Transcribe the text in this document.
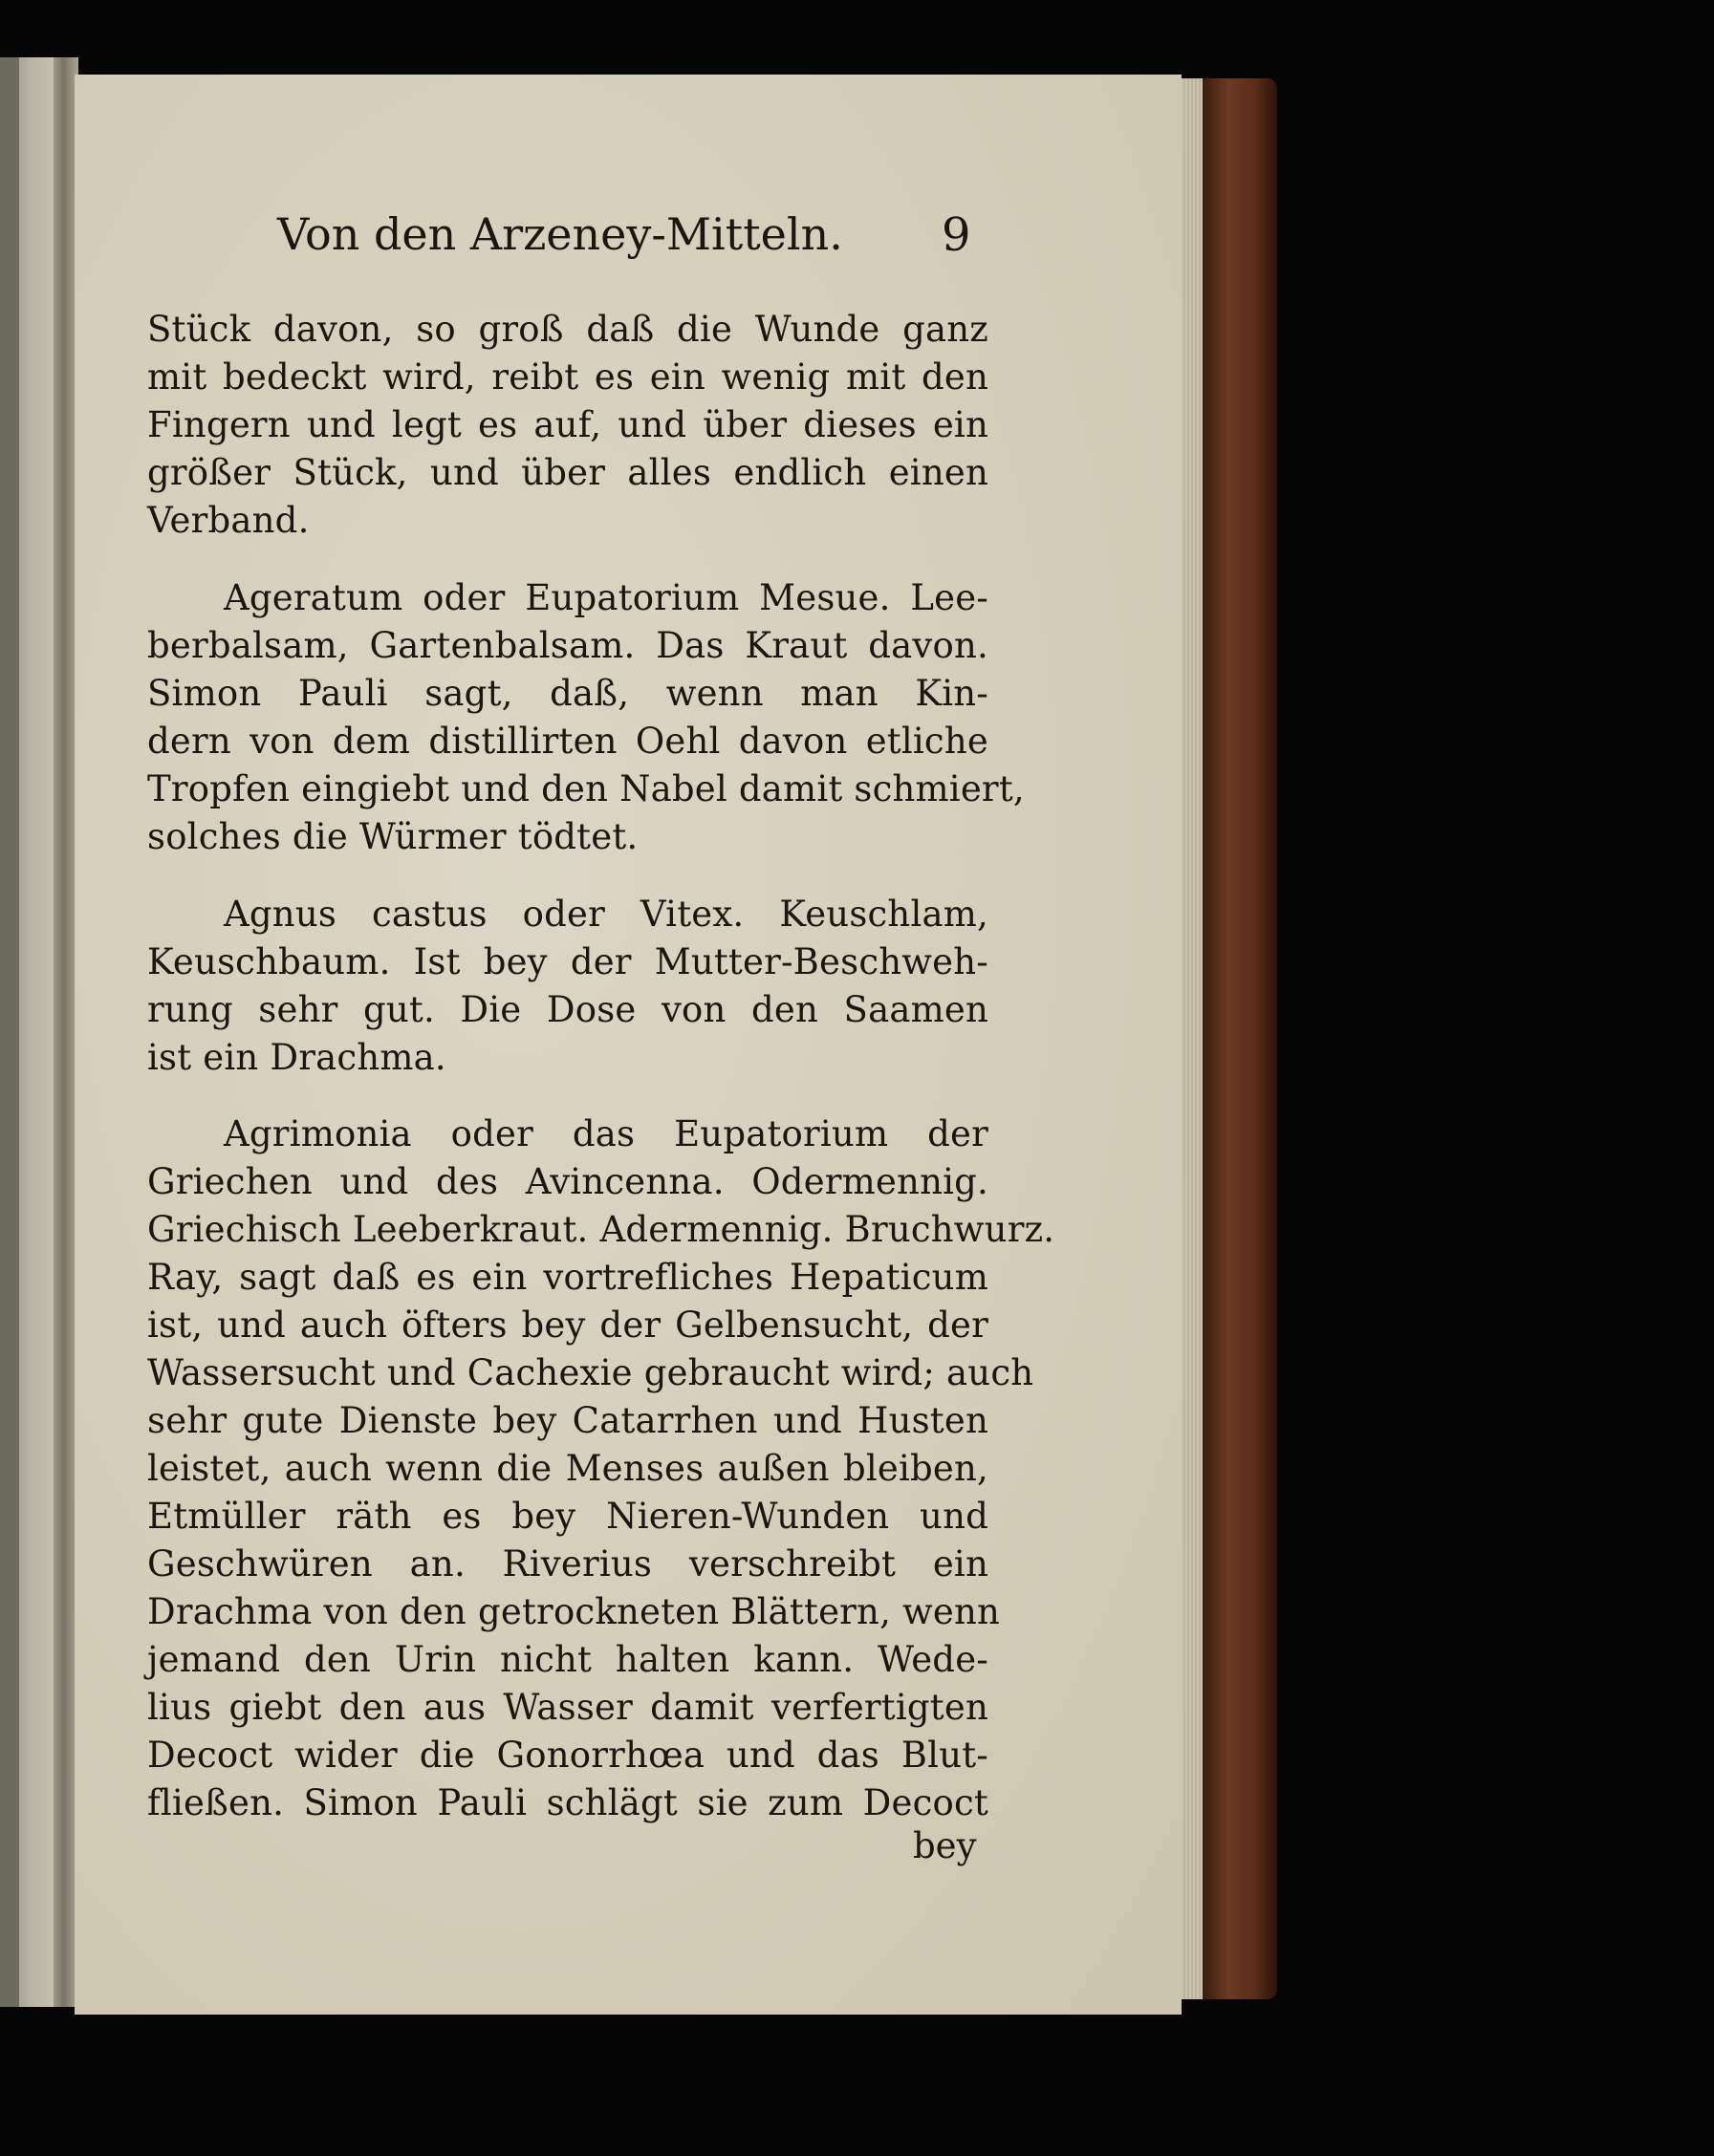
Von den Arzeney-Mitteln. 9
Stück davon, so groß daß die Wunde ganz
mit bedeckt wird, reibt es ein wenig mit den
Fingern und legt es auf, und über dieses ein
größer Stück, und über alles endlich einen
Verband.
Ageratum oder Eupatorium Mesue. Lee-
berbalsam, Gartenbalsam. Das Kraut davon.
Simon Pauli sagt, daß, wenn man Kin-
dern von dem distillirten Oehl davon etliche
Tropfen eingiebt und den Nabel damit schmiert,
solches die Würmer tödtet.
Agnus castus oder Vitex. Keuschlam,
Keuschbaum. Ist bey der Mutter-Beschweh-
rung sehr gut. Die Dose von den Saamen
ist ein Drachma.
Agrimonia oder das Eupatorium der
Griechen und des Avincenna. Odermennig.
Griechisch Leeberkraut. Adermennig. Bruchwurz.
Ray, sagt daß es ein vortrefliches Hepaticum
ist, und auch öfters bey der Gelbensucht, der
Wassersucht und Cachexie gebraucht wird; auch
sehr gute Dienste bey Catarrhen und Husten
leistet, auch wenn die Menses außen bleiben,
Etmüller räth es bey Nieren-Wunden und
Geschwüren an. Riverius verschreibt ein
Drachma von den getrockneten Blättern, wenn
jemand den Urin nicht halten kann. Wede-
lius giebt den aus Wasser damit verfertigten
Decoct wider die Gonorrhœa und das Blut-
fließen. Simon Pauli schlägt sie zum Decoct
bey
